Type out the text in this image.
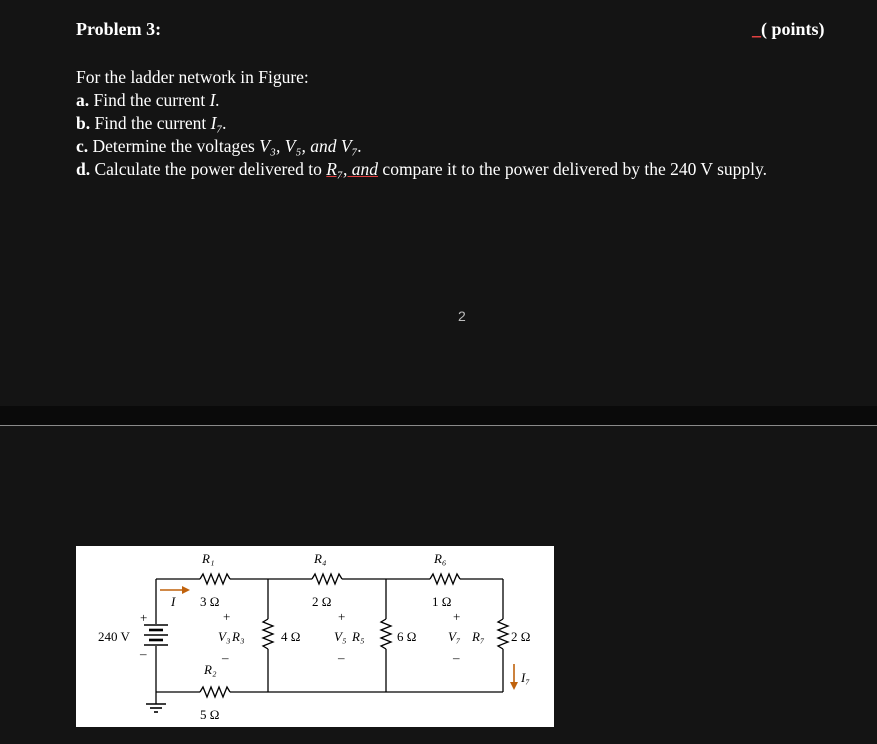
Problem 3:	_( points)
For the ladder network in Figure:
a. Find the current I.
b. Find the current I₇.
c. Determine the voltages V₃, V₅, and V₇.
d. Calculate the power delivered to R₇, and compare it to the power delivered by the 240 V supply.
2
R₁
3 Ω
R₄
2 Ω
R₆
1 Ω
R₂
5 Ω
R₃	4 Ω	R₅	6 Ω	R₇ 2 Ω
V₃
+
–
V₅
+
–
V₇
+
–
240 V
+
–
I
I₇
